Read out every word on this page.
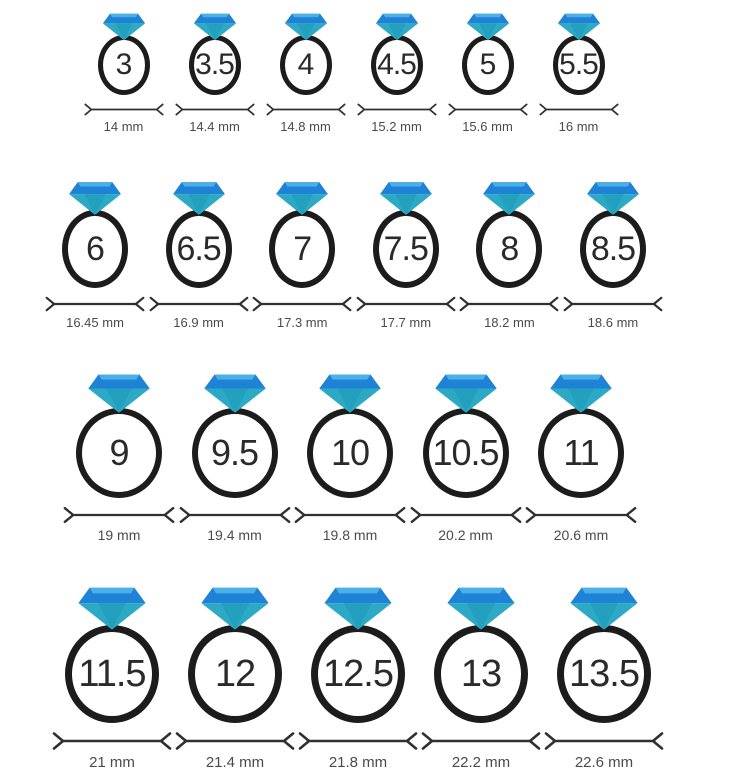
3
14 mm
3.5
14.4 mm
4
14.8 mm
4.5
15.2 mm
5
15.6 mm
5.5
16 mm
6
16.45 mm
6.5
16.9 mm
7
17.3 mm
7.5
17.7 mm
8
18.2 mm
8.5
18.6 mm
9
19 mm
9.5
19.4 mm
10
19.8 mm
10.5
20.2 mm
11
20.6 mm
11.5
21 mm
12
21.4 mm
12.5
21.8 mm
13
22.2 mm
13.5
22.6 mm
